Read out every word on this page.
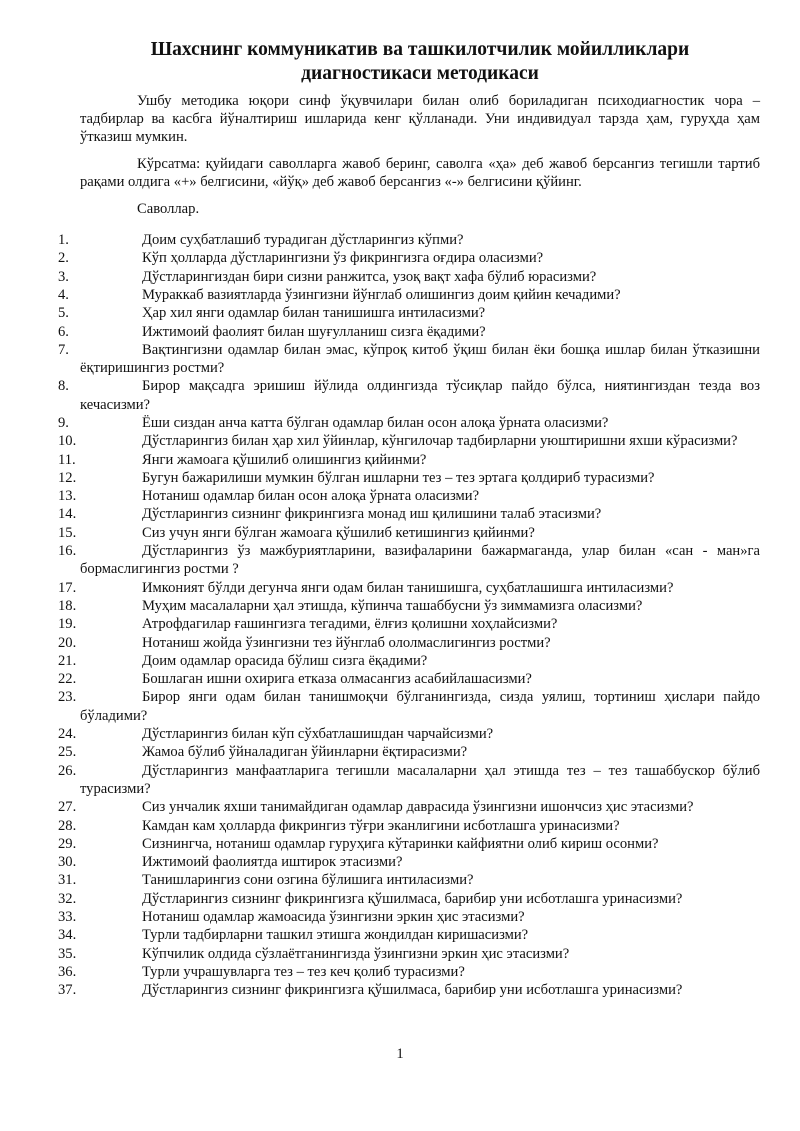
Шахснинг коммуникатив ва ташкилотчилик мойилликлари
диагностикаси методикаси

Ушбу методика юқори синф ўқувчилари билан олиб бориладиган психодиагностик чора – тадбирлар ва касбга йўналтириш ишларида кенг қўлланади. Уни индивидуал тарзда ҳам, гуруҳда ҳам ўтказиш мумкин.

Кўрсатма: қуйидаги саволларга жавоб беринг, саволга «ҳа» деб жавоб берсангиз тегишли тартиб рақами олдига «+» белгисини, «йўқ» деб жавоб берсангиз «-» белгисини қўйинг.

Саволлар.

1.	Доим суҳбатлашиб турадиган дўстларингиз кўпми?
2.	Кўп ҳолларда дўстларингизни ўз фикрингизга оғдира оласизми?
3.	Дўстларингиздан бири сизни ранжитса, узоқ вақт хафа бўлиб юрасизми?
4.	Мураккаб вазиятларда ўзингизни йўнглаб олишингиз доим қийин кечадими?
5.	Ҳар хил янги одамлар билан танишишга интиласизми?
6.	Ижтимоий фаолият билан шуғулланиш сизга ёқадими?
7.	Вақтингизни одамлар билан эмас, кўпроқ китоб ўқиш билан ёки бошқа ишлар билан ўтказишни ёқтиришингиз ростми?
8.	Бирор мақсадга эришиш йўлида олдингизда тўсиқлар пайдо бўлса, ниятингиздан тезда воз кечасизми?
9.	Ёши сиздан анча катта бўлган одамлар билан осон алоқа ўрната оласизми?
10.	Дўстларингиз билан ҳар хил ўйинлар, кўнгилочар тадбирларни уюштиришни яхши кўрасизми?
11.	Янги жамоага қўшилиб олишингиз қийинми?
12.	Бугун бажарилиши мумкин бўлган ишларни тез – тез эртага қолдириб турасизми?
13.	Нотаниш одамлар билан осон алоқа ўрната оласизми?
14.	Дўстларингиз сизнинг фикрингизга монад иш қилишини талаб этасизми?
15.	Сиз учун янги бўлган жамоага қўшилиб кетишингиз қийинми?
16.	Дўстларингиз ўз мажбуриятларини, вазифаларини бажармаганда, улар билан «сан - ман»га бормаслигингиз ростми ?
17.	Имконият бўлди дегунча янги одам билан танишишга, суҳбатлашишга интиласизми?
18.	Муҳим масалаларни ҳал этишда, кўпинча ташаббусни ўз зиммамизга оласизми?
19.	Атрофдагилар ғашингизга тегадими, ёлғиз қолишни хоҳлайсизми?
20.	Нотаниш жойда ўзингизни тез йўнглаб ололмаслигингиз ростми?
21.	Доим одамлар орасида бўлиш сизга ёқадими?
22.	Бошлаган ишни охирига етказа олмасангиз асабийлашасизми?
23.	Бирор янги одам билан танишмоқчи бўлганингизда, сизда уялиш, тортиниш ҳислари пайдо бўладими?
24.	Дўстларингиз билан кўп сўхбатлашишдан чарчайсизми?
25.	Жамоа бўлиб ўйналадиган ўйинларни ёқтирасизми?
26.	Дўстларингиз манфаатларига тегишли масалаларни ҳал этишда тез – тез ташаббускор бўлиб турасизми?
27.	Сиз унчалик яхши танимайдиган одамлар даврасида ўзингизни ишончсиз ҳис этасизми?
28.	Камдан кам ҳолларда фикрингиз тўғри эканлигини исботлашга уринасизми?
29.	Сизнингча, нотаниш одамлар гуруҳига кўтаринки кайфиятни олиб кириш осонми?
30.	Ижтимоий фаолиятда иштирок этасизми?
31.	Танишларингиз сони озгина бўлишига интиласизми?
32.	Дўстларингиз сизнинг фикрингизга қўшилмаса, барибир уни исботлашга уринасизми?
33.	Нотаниш одамлар жамоасида ўзингизни эркин ҳис этасизми?
34.	Турли тадбирларни ташкил этишга жондилдан киришасизми?
35.	Кўпчилик олдида сўзлаётганингизда ўзингизни эркин ҳис этасизми?
36.	Турли учрашувларга тез – тез кеч қолиб турасизми?
37.	Дўстларингиз сизнинг фикрингизга қўшилмаса, барибир уни исботлашга уринасизми?
1
